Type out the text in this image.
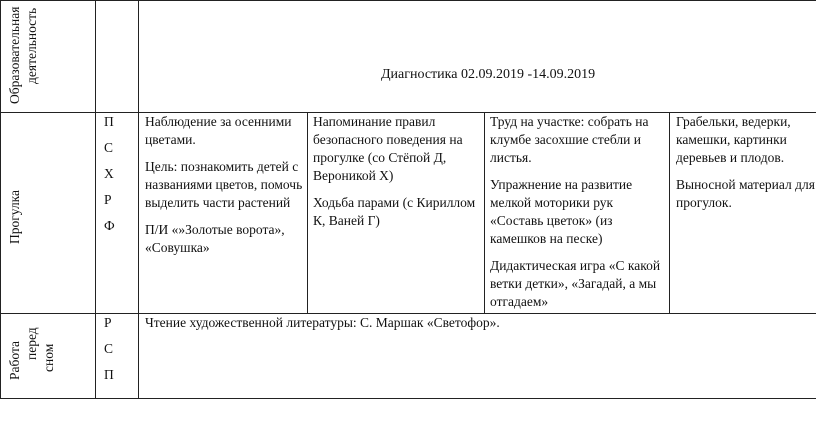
Образовательная деятельность	Диагностика 02.09.2019 -14.09.2019
Прогулка
П
С
Х
Р
Ф

Наблюдение за осенними цветами.

Цель: познакомить детей с названиями цветов, помочь выделить части растений

П/И «»Золотые ворота», «Совушка»

Напоминание правил безопасного поведения на прогулке (со Стёпой Д, Вероникой Х)

Ходьба парами (с Кириллом К, Ваней Г)

Труд на участке: собрать на клумбе засохшие стебли и листья.

Упражнение на развитие мелкой моторики рук «Составь цветок» (из камешков на песке)

Дидактическая игра «С какой ветки детки», «Загадай, а мы отгадаем»

Грабельки, ведерки, камешки, картинки деревьев и плодов.

Выносной материал для прогулок.

Работа перед сном
Р
С
П
Чтение художественной литературы: С. Маршак «Светофор».
